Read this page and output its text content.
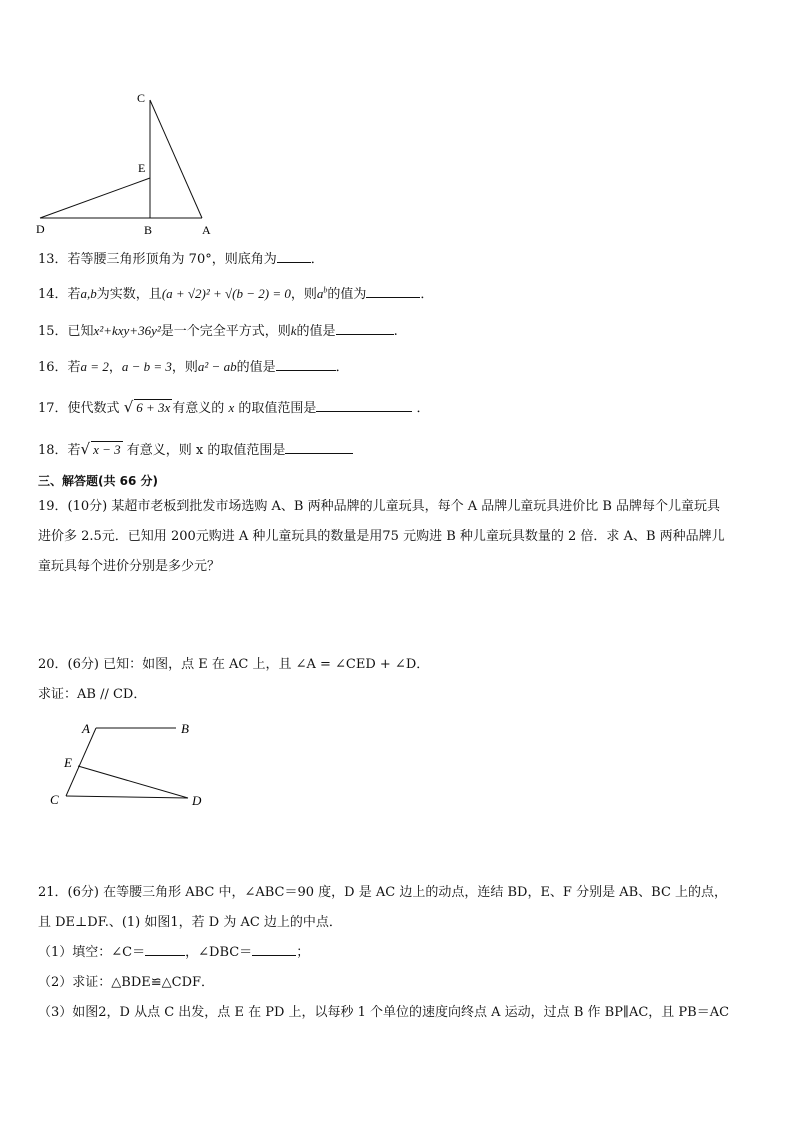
C
E
D	B	A
13．若等腰三角形顶角为 70°，则底角为	．
14．若a,b为实数，且(a + √2)² + √(b − 2) = 0，则$a^b$的值为	．
15．已知x²+kxy+36y²是一个完全平方式，则k的值是	.
16．若a = 2，a − b = 3，则a² − ab的值是	．
17．使代数式 √ 6 + 3x 有意义的 x 的取值范围是	．
18．若√ x − 3 有意义，则 x 的取值范围是
三、解答题(共 66 分)
19．(10分) 某超市老板到批发市场选购 A、B 两种品牌的儿童玩具，每个 A 品牌儿童玩具进价比 B 品牌每个儿童玩具
进价多 2.5元．已知用 200元购进 A 种儿童玩具的数量是用75 元购进 B 种儿童玩具数量的 2 倍．求 A、B 两种品牌儿
童玩具每个进价分别是多少元？
20．(6分) 已知：如图，点 E 在 AC 上，且 ∠A = ∠CED + ∠D．
求证：AB // CD．
A	B
E
C	D
21．(6分) 在等腰三角形 ABC 中，∠ABC＝90 度，D 是 AC 边上的动点，连结 BD，E、F 分别是 AB、BC 上的点，
且 DE⊥DF.、(1) 如图1，若 D 为 AC 边上的中点．
（1）填空：∠C＝	，∠DBC＝	；
（2）求证：△BDE≌△CDF．
（3）如图2，D 从点 C 出发，点 E 在 PD 上，以每秒 1 个单位的速度向终点 A 运动，过点 B 作 BP∥AC，且 PB＝AC
